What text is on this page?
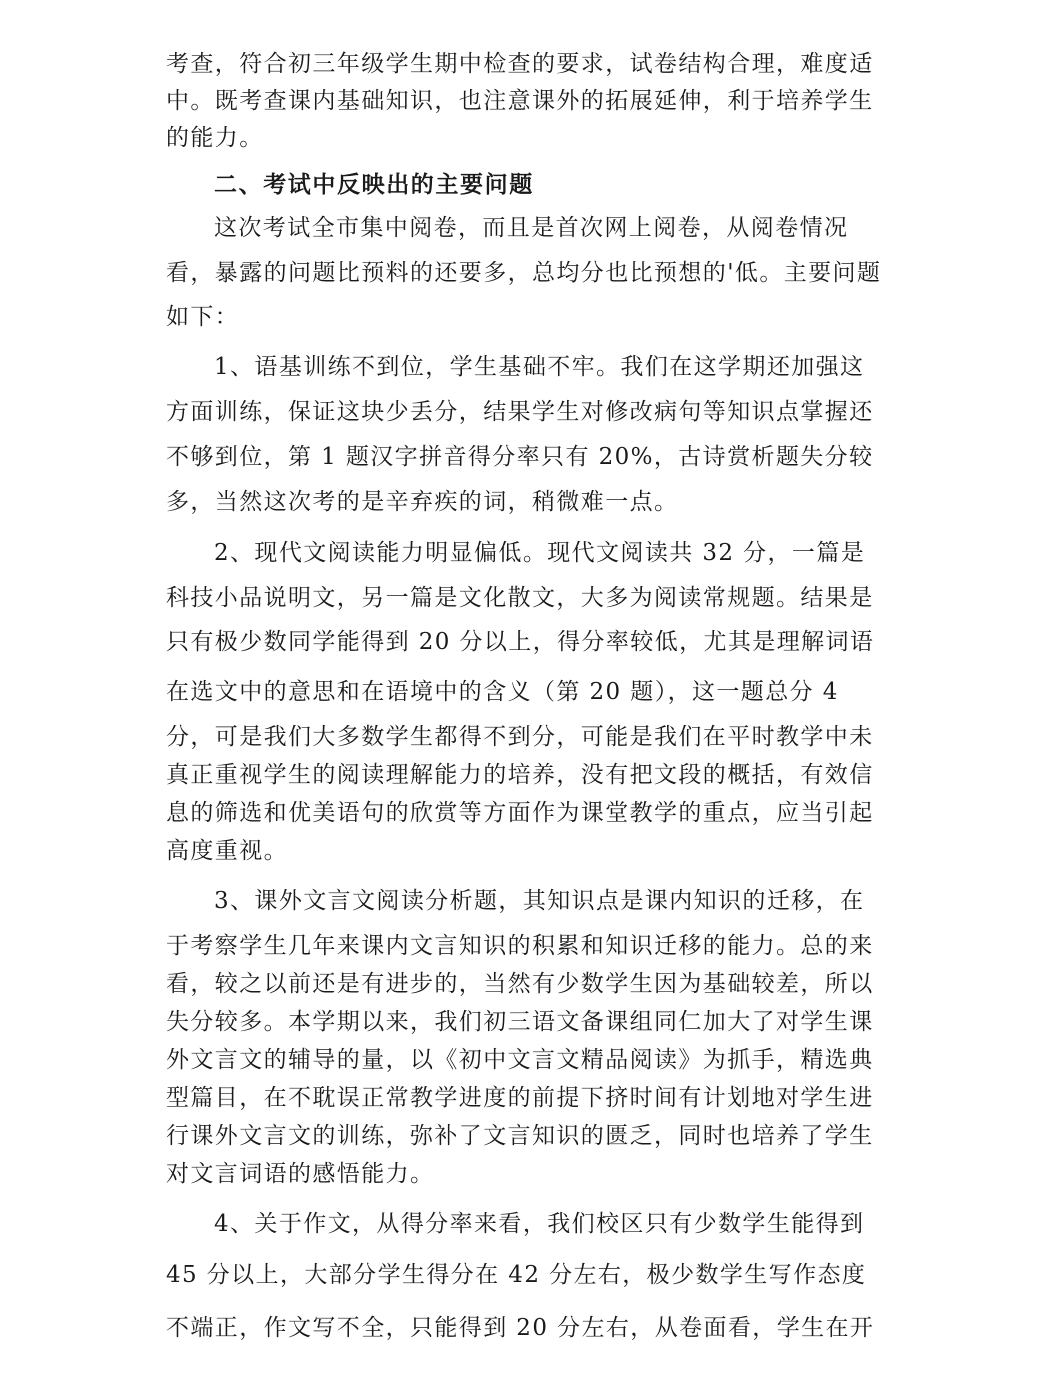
考查，符合初三年级学生期中检查的要求，试卷结构合理，难度适

中。既考查课内基础知识，也注意课外的拓展延伸，利于培养学生

的能力。

二、考试中反映出的主要问题

这次考试全市集中阅卷，而且是首次网上阅卷，从阅卷情况

看，暴露的问题比预料的还要多，总均分也比预想的'低。主要问题

如下：

1、语基训练不到位，学生基础不牢。我们在这学期还加强这

方面训练，保证这块少丢分，结果学生对修改病句等知识点掌握还

不够到位，第 1 题汉字拼音得分率只有 20%，古诗赏析题失分较

多，当然这次考的是辛弃疾的词，稍微难一点。

2、现代文阅读能力明显偏低。现代文阅读共 32 分，一篇是

科技小品说明文，另一篇是文化散文，大多为阅读常规题。结果是

只有极少数同学能得到 20 分以上，得分率较低，尤其是理解词语

在选文中的意思和在语境中的含义（第 20 题），这一题总分 4

分，可是我们大多数学生都得不到分，可能是我们在平时教学中未

真正重视学生的阅读理解能力的培养，没有把文段的概括，有效信

息的筛选和优美语句的欣赏等方面作为课堂教学的重点，应当引起

高度重视。

3、课外文言文阅读分析题，其知识点是课内知识的迁移，在

于考察学生几年来课内文言知识的积累和知识迁移的能力。总的来

看，较之以前还是有进步的，当然有少数学生因为基础较差，所以

失分较多。本学期以来，我们初三语文备课组同仁加大了对学生课

外文言文的辅导的量，以《初中文言文精品阅读》为抓手，精选典

型篇目，在不耽误正常教学进度的前提下挤时间有计划地对学生进

行课外文言文的训练，弥补了文言知识的匮乏，同时也培养了学生

对文言词语的感悟能力。

4、关于作文，从得分率来看，我们校区只有少数学生能得到

45 分以上，大部分学生得分在 42 分左右，极少数学生写作态度

不端正，作文写不全，只能得到 20 分左右，从卷面看，学生在开
